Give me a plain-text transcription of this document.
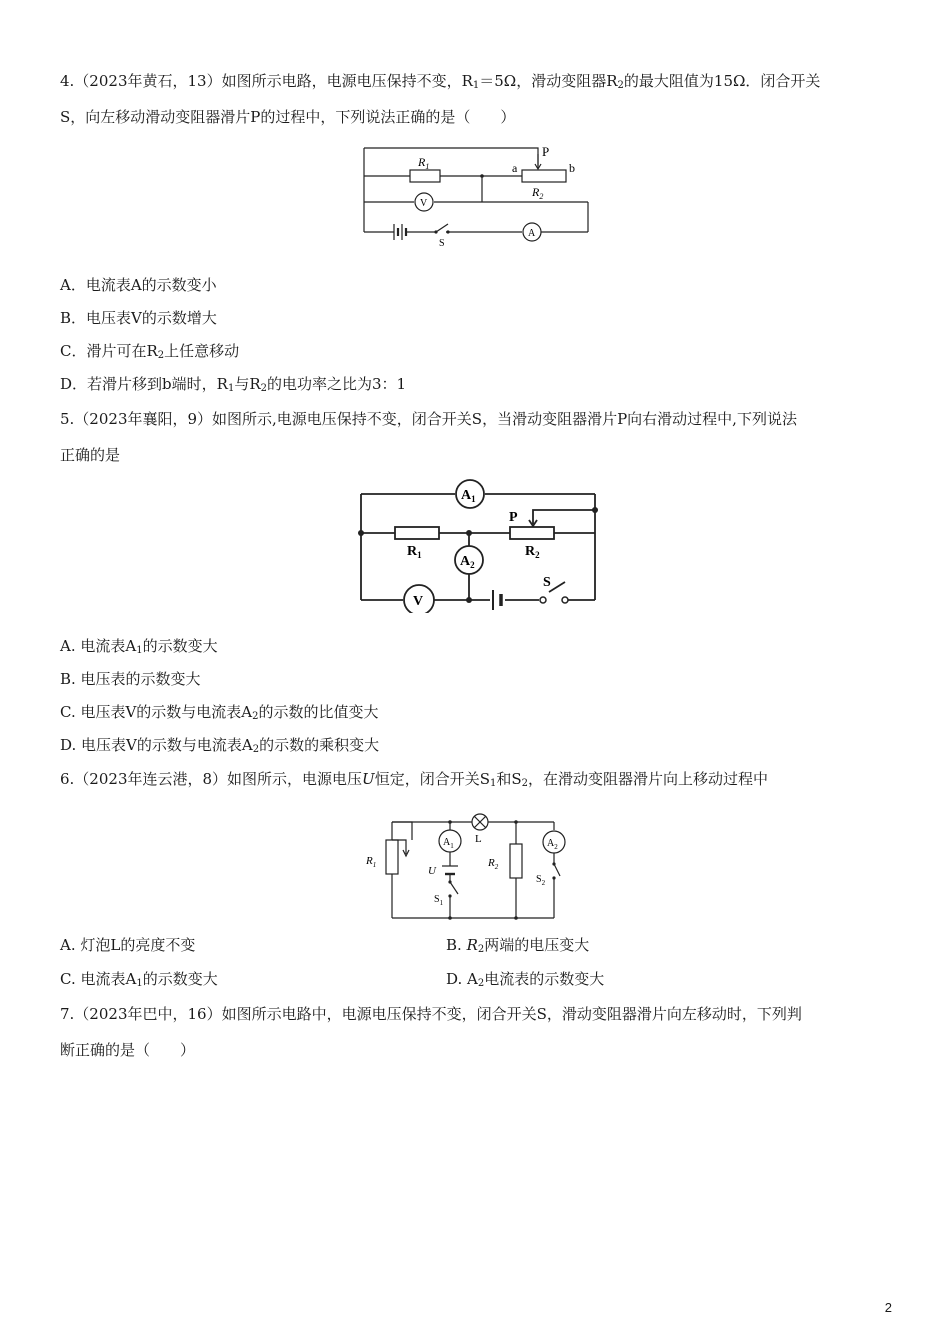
4.（2023年黄石，13）如图所示电路，电源电压保持不变，$R_1=5\Omega$，滑动变阻器$R_2$的最大阻值为15Ω．闭合开关
S，向左移动滑动变阻器滑片P的过程中，下列说法正确的是（　　）
$R_1$
$R_2$
a	b
P
V
A
S
A．电流表A的示数变小
B．电压表V的示数增大
C．滑片可在$R_2$上任意移动
D．若滑片移到b端时，$R_1$与$R_2$的电功率之比为3：1
5.（2023年襄阳，9）如图所示,电源电压保持不变，闭合开关S，当滑动变阻器滑片P向右滑动过程中,下列说法
正确的是
$A_1$
$A_2$
$R_1$	$R_2$
P
V
S
A. 电流表$A_1$的示数变大
B. 电压表的示数变大
C. 电压表V的示数与电流表$A_2$的示数的比值变大
D. 电压表V的示数与电流表$A_2$的示数的乘积变大
6.（2023年连云港，8）如图所示，电源电压U恒定，闭合开关$S_1$和$S_2$，在滑动变阻器滑片向上移动过程中
$R_1$	$R_2$
$A_1$	$A_2$
L
U
$S_1$
$S_2$
A. 灯泡L的亮度不变	B. $R_2$两端的电压变大
C. 电流表$A_1$的示数变大	D. $A_2$电流表的示数变大
7.（2023年巴中，16）如图所示电路中，电源电压保持不变，闭合开关S，滑动变阻器滑片向左移动时，下列判
断正确的是（　　）
2
